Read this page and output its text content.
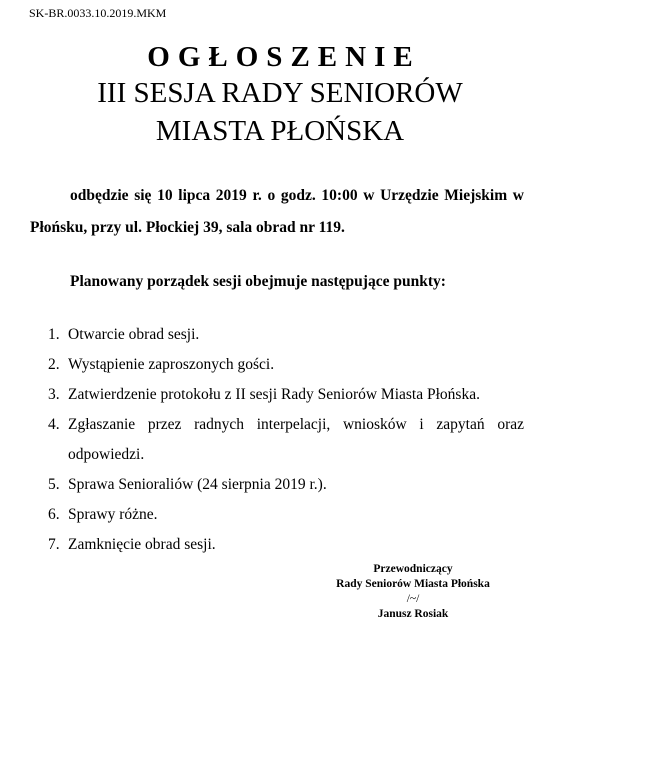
SK-BR.0033.10.2019.MKM
OGŁOSZENIE
III SESJA RADY SENIORÓW
MIASTA PŁOŃSKA
odbędzie się 10 lipca 2019 r. o godz. 10:00 w Urzędzie Miejskim w Płońsku, przy ul. Płockiej 39, sala obrad nr 119.
Planowany porządek sesji obejmuje następujące punkty:
1. Otwarcie obrad sesji.
2. Wystąpienie zaproszonych gości.
3. Zatwierdzenie protokołu z II sesji Rady Seniorów Miasta Płońska.
4. Zgłaszanie przez radnych interpelacji, wniosków i zapytań oraz odpowiedzi.
5. Sprawa Senioraliów (24 sierpnia 2019 r.).
6. Sprawy różne.
7. Zamknięcie obrad sesji.
Przewodniczący
Rady Seniorów Miasta Płońska
/~/
Janusz Rosiak
